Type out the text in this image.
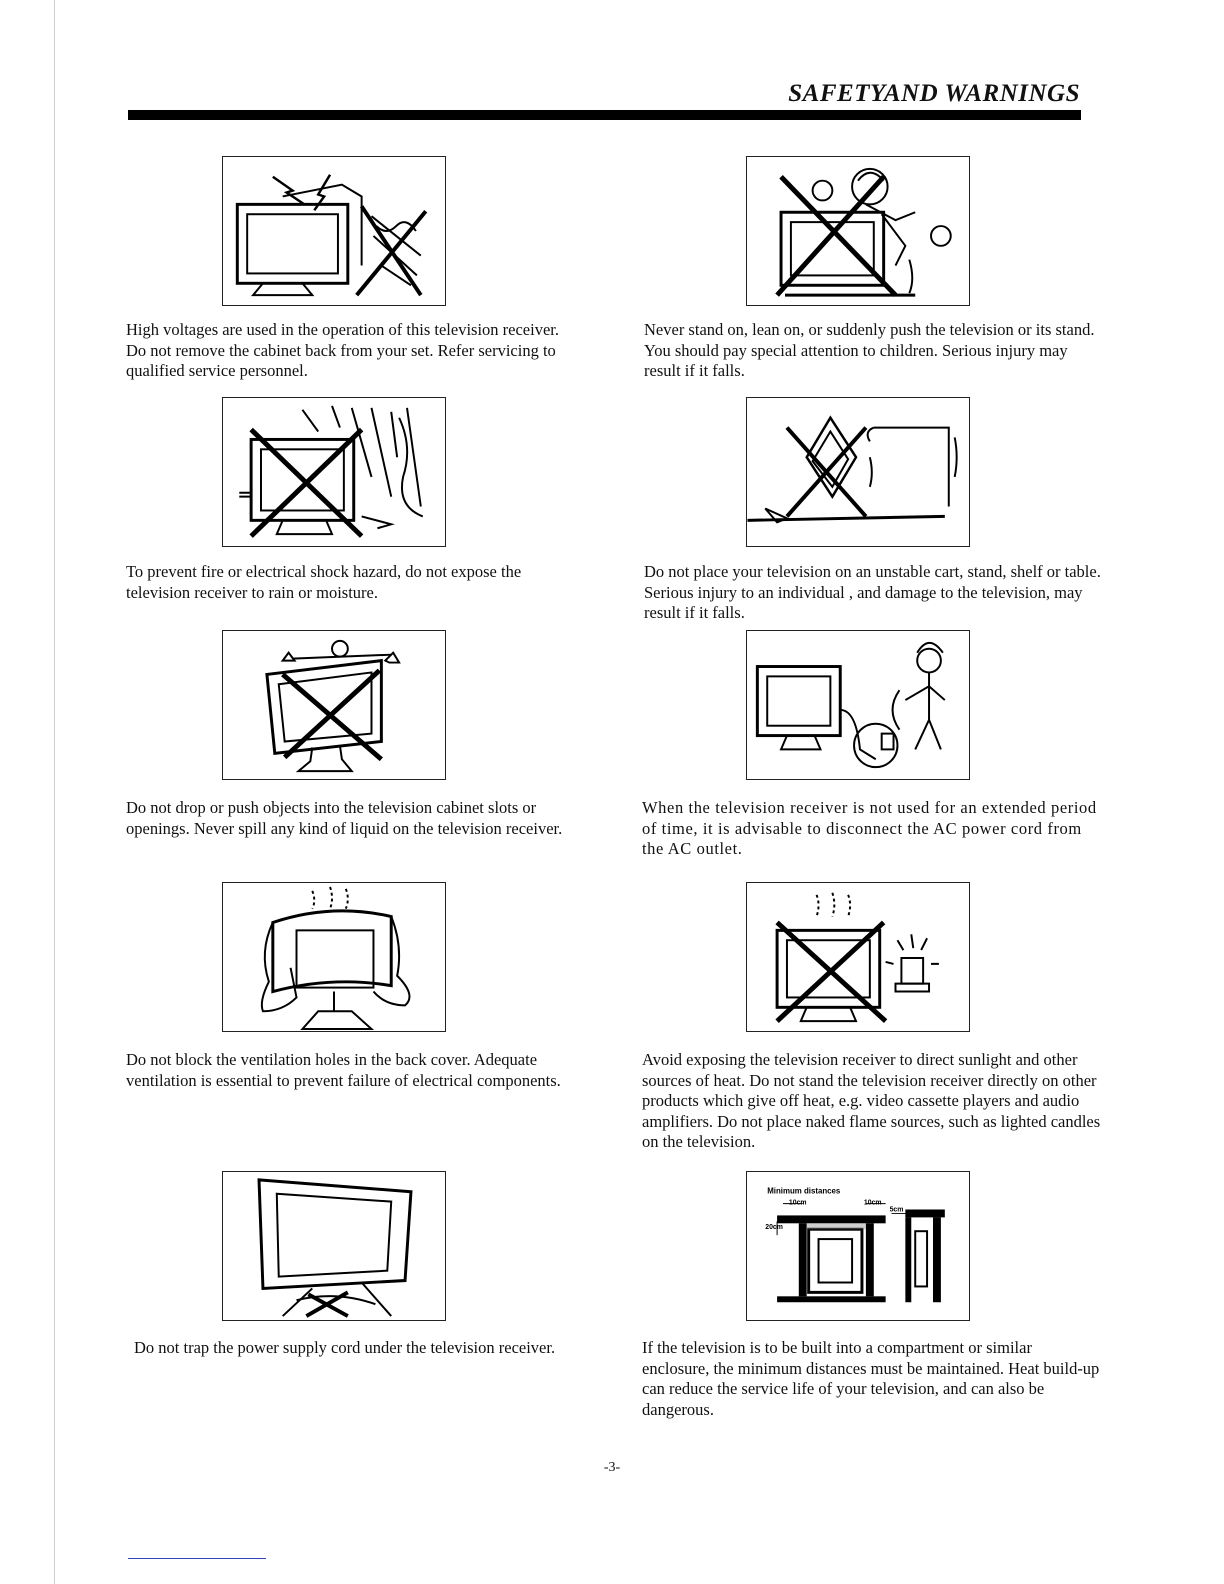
SAFETYAND WARNINGS
High voltages are used in the operation of this television receiver. Do not remove the cabinet back from your set. Refer servicing to qualified service personnel.
To prevent fire or electrical shock hazard, do not expose the television receiver to rain or moisture.
Do not drop or push objects into the television cabinet slots or openings. Never spill any kind of liquid on the television receiver.
Do not block the ventilation holes in the back cover. Adequate ventilation is essential to prevent failure of electrical components.
Do not trap the power supply cord under the television receiver.
Never stand on, lean on, or suddenly push the television or its stand. You should pay special attention to children. Serious injury may result if it falls.
Do not place your television on an unstable cart, stand, shelf or table. Serious injury to an individual , and damage to the television, may result if it falls.
When the television receiver is not used for an extended period of time, it is advisable to disconnect the AC power cord from the AC outlet.
Avoid exposing the television receiver to direct sunlight and other sources of heat. Do not stand the television receiver directly on other products which give off heat, e.g. video cassette players and audio amplifiers. Do not place naked flame sources, such as lighted candles on the television.
Minimum distances
10cm	10cm
5cm
20cm
If the television is to be built into a compartment or similar enclosure, the minimum distances must be maintained. Heat build-up can reduce the service life of your television, and can also be dangerous.
-3-
